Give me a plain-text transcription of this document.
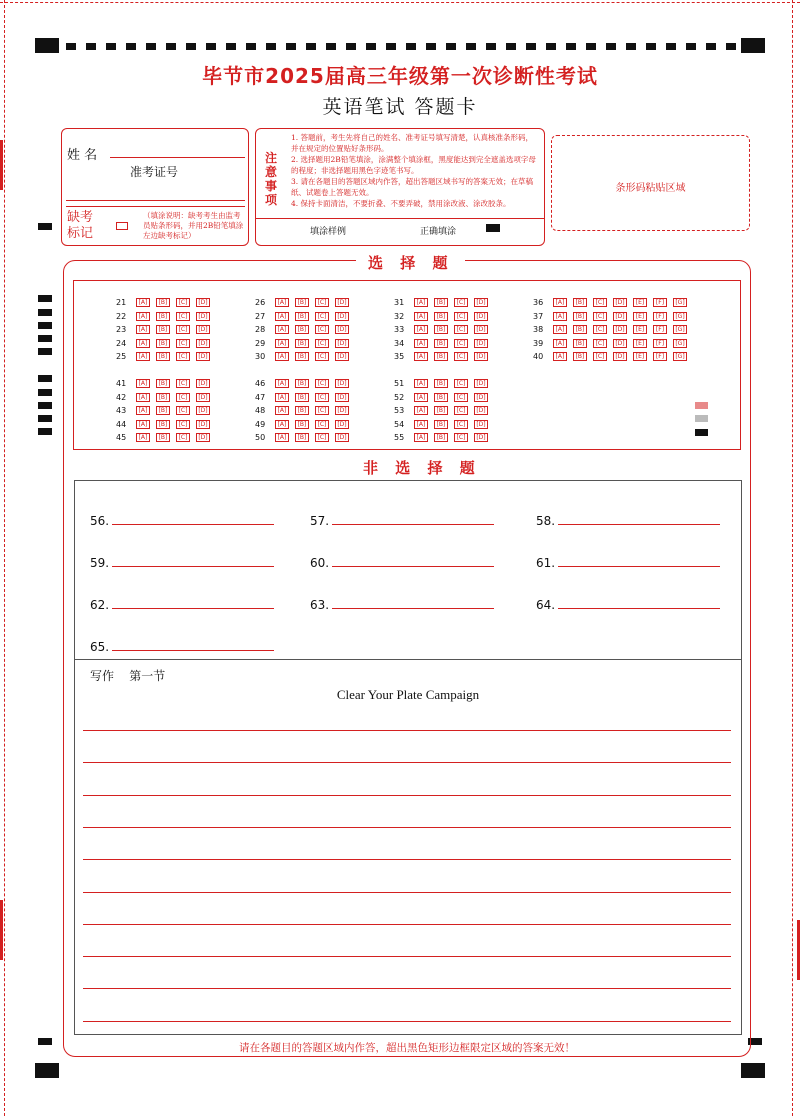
毕节市2025届高三年级第一次诊断性考试
英语笔试 答题卡
姓 名
准考证号
缺考标记
（填涂说明：缺考考生由监考员贴条形码，并用2B铅笔填涂左边缺考标记）
注意事项
1. 答题前，考生先将自己的姓名、准考证号填写清楚，认真核准条形码，并在规定的位置贴好条形码。
2. 选择题用2B铅笔填涂，涂满整个填涂框，黑度能达到完全遮盖选项字母的程度；非选择题用黑色字迹笔书写。
3. 请在各题目的答题区域内作答，超出答题区域书写的答案无效；在草稿纸、试题卷上答题无效。
4. 保持卡面清洁，不要折叠、不要弄破，禁用涂改液、涂改胶条。
填涂样例	正确填涂
条形码粘贴区域
选 择 题
21 [A] [B] [C] [D]
22 [A] [B] [C] [D]
23 [A] [B] [C] [D]
24 [A] [B] [C] [D]
25 [A] [B] [C] [D]
26 [A] [B] [C] [D]
27 [A] [B] [C] [D]
28 [A] [B] [C] [D]
29 [A] [B] [C] [D]
30 [A] [B] [C] [D]
31 [A] [B] [C] [D]
32 [A] [B] [C] [D]
33 [A] [B] [C] [D]
34 [A] [B] [C] [D]
35 [A] [B] [C] [D]
36 [A] [B] [C] [D] [E] [F] [G]
37 [A] [B] [C] [D] [E] [F] [G]
38 [A] [B] [C] [D] [E] [F] [G]
39 [A] [B] [C] [D] [E] [F] [G]
40 [A] [B] [C] [D] [E] [F] [G]
41 [A] [B] [C] [D]
42 [A] [B] [C] [D]
43 [A] [B] [C] [D]
44 [A] [B] [C] [D]
45 [A] [B] [C] [D]
46 [A] [B] [C] [D]
47 [A] [B] [C] [D]
48 [A] [B] [C] [D]
49 [A] [B] [C] [D]
50 [A] [B] [C] [D]
51 [A] [B] [C] [D]
52 [A] [B] [C] [D]
53 [A] [B] [C] [D]
54 [A] [B] [C] [D]
55 [A] [B] [C] [D]
非 选 择 题
56.	57.	58.
59.	60.	61.
62.	63.	64.
65.
写作    第一节
Clear Your Plate Campaign
请在各题目的答题区域内作答，超出黑色矩形边框限定区域的答案无效！
